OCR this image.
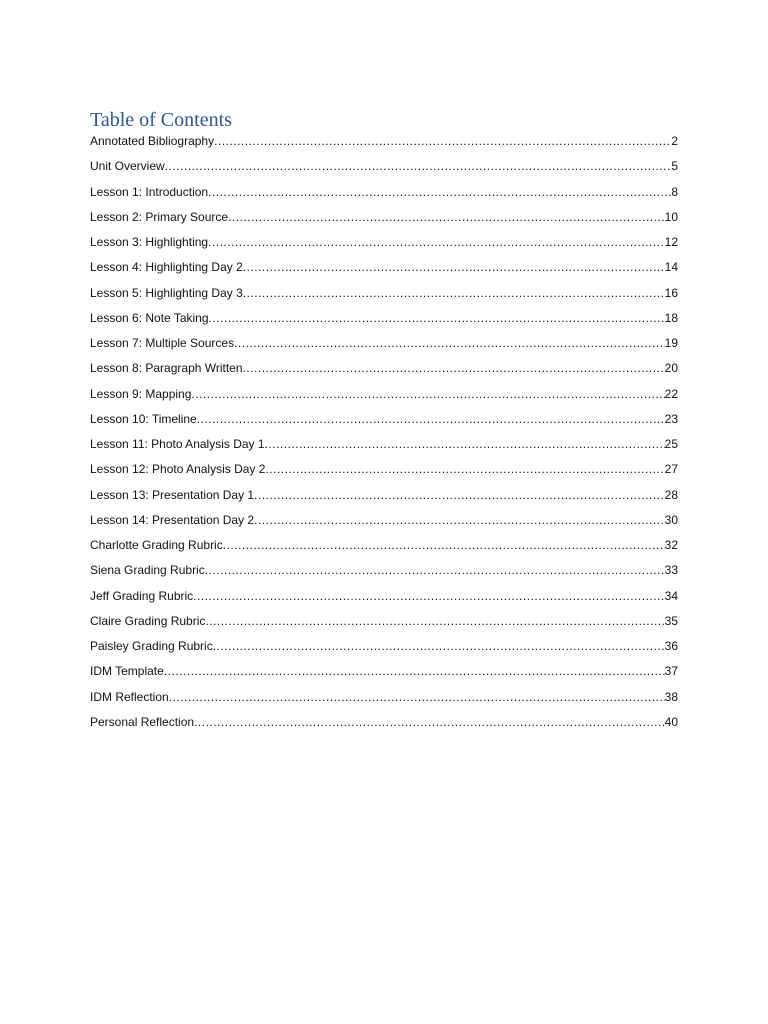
Table of Contents
Annotated Bibliography .....	2
Unit Overview .....	5
Lesson 1: Introduction .....	8
Lesson 2: Primary Source .....	10
Lesson 3: Highlighting .....	12
Lesson 4: Highlighting Day 2 .....	14
Lesson 5: Highlighting Day 3 .....	16
Lesson 6: Note Taking .....	18
Lesson 7: Multiple Sources .....	19
Lesson 8: Paragraph Written .....	20
Lesson 9: Mapping .....	22
Lesson 10: Timeline .....	23
Lesson 11: Photo Analysis Day 1 .....	25
Lesson 12: Photo Analysis Day 2 .....	27
Lesson 13: Presentation Day 1 .....	28
Lesson 14: Presentation Day 2 .....	30
Charlotte Grading Rubric .....	32
Siena Grading Rubric .....	33
Jeff Grading Rubric .....	34
Claire Grading Rubric .....	35
Paisley Grading Rubric .....	36
IDM Template .....	37
IDM Reflection .....	38
Personal Reflection .....	40
